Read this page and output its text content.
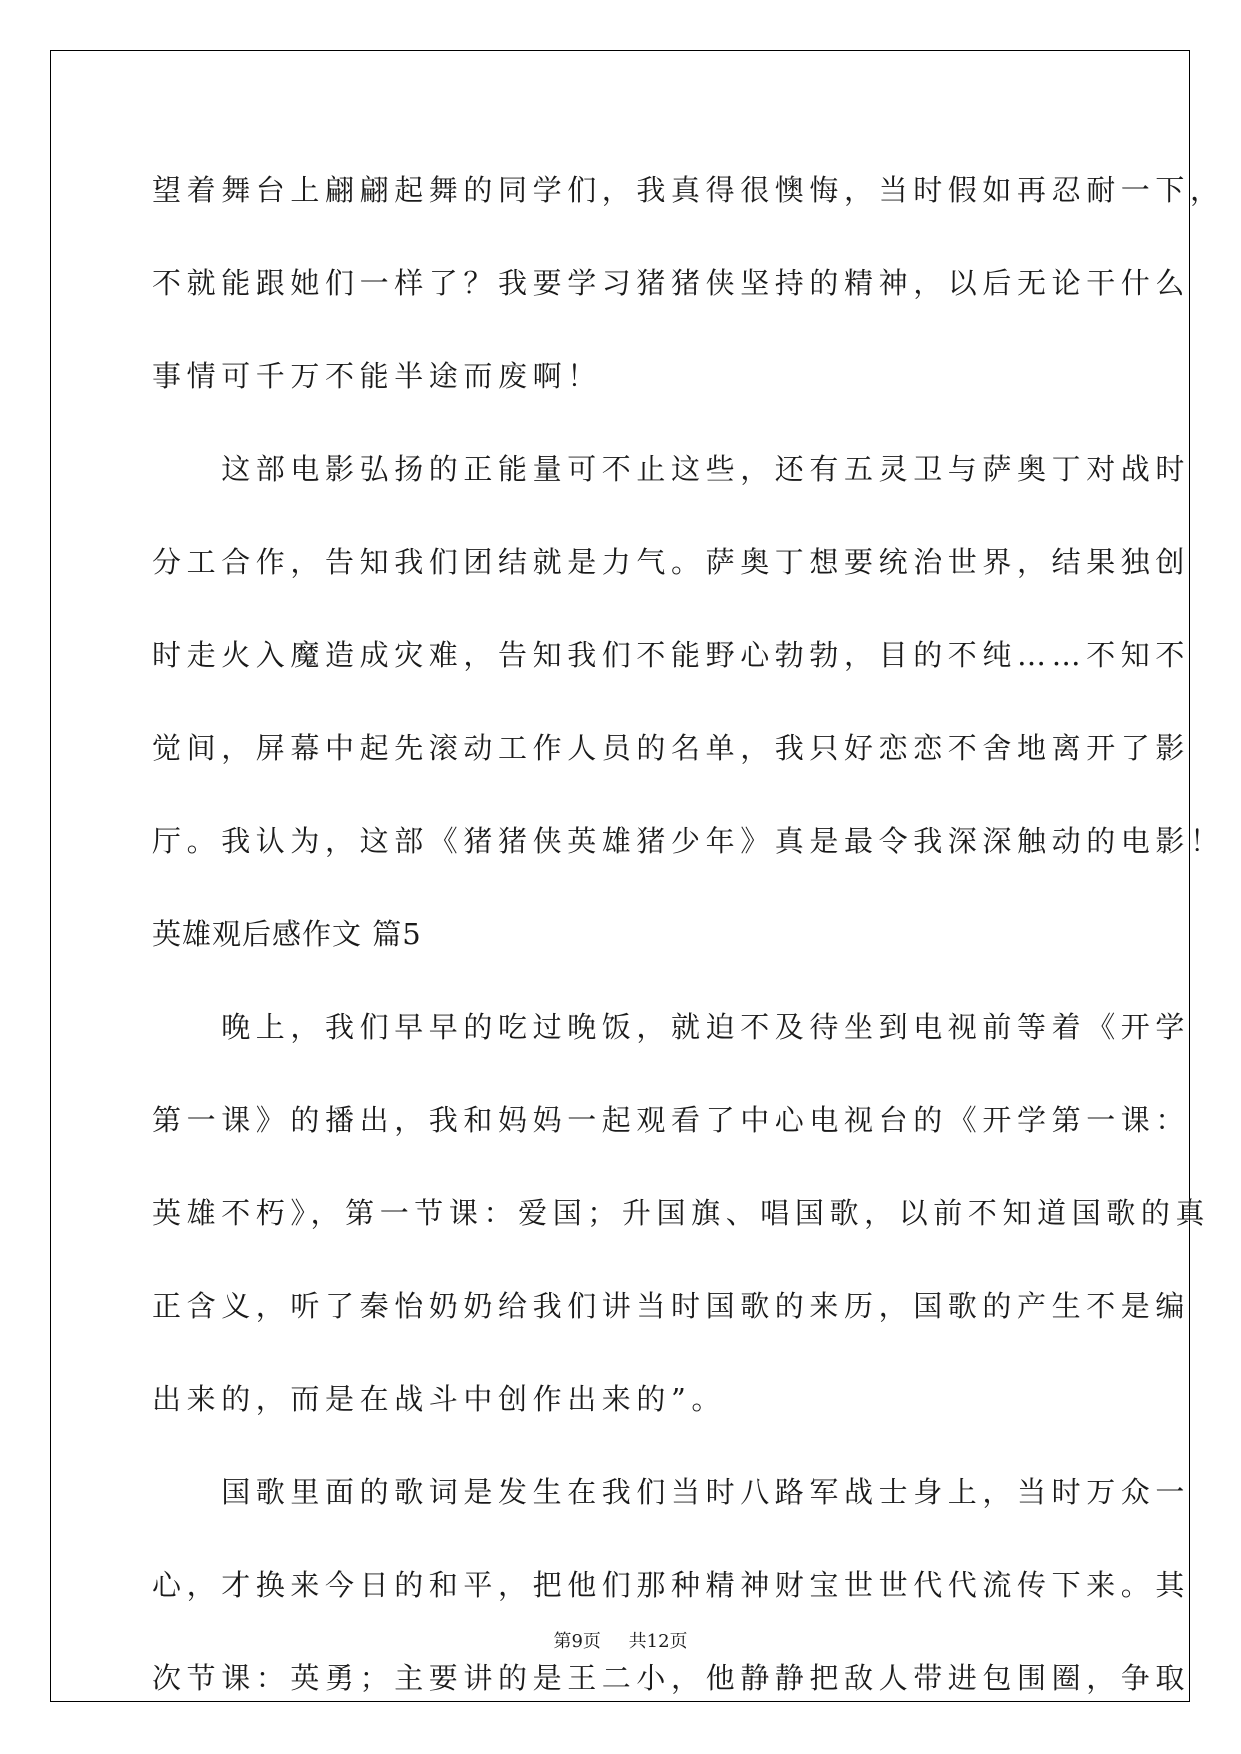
望着舞台上翩翩起舞的同学们，我真得很懊悔，当时假如再忍耐一下，
不就能跟她们一样了？我要学习猪猪侠坚持的精神，以后无论干什么
事情可千万不能半途而废啊！
　　这部电影弘扬的正能量可不止这些，还有五灵卫与萨奥丁对战时
分工合作，告知我们团结就是力气。萨奥丁想要统治世界，结果独创
时走火入魔造成灾难，告知我们不能野心勃勃，目的不纯……不知不
觉间，屏幕中起先滚动工作人员的名单，我只好恋恋不舍地离开了影
厅。我认为，这部《猪猪侠英雄猪少年》真是最令我深深触动的电影！
英雄观后感作文 篇5
　　晚上，我们早早的吃过晚饭，就迫不及待坐到电视前等着《开学
第一课》的播出，我和妈妈一起观看了中心电视台的《开学第一课：
英雄不朽》，第一节课：爱国；升国旗、唱国歌，以前不知道国歌的真
正含义，听了秦怡奶奶给我们讲当时国歌的来历，国歌的产生不是编
出来的，而是在战斗中创作出来的”。
　　国歌里面的歌词是发生在我们当时八路军战士身上，当时万众一
心，才换来今日的和平，把他们那种精神财宝世世代代流传下来。其
次节课：英勇；主要讲的是王二小，他静静把敌人带进包围圈，争取
第9页 共12页
